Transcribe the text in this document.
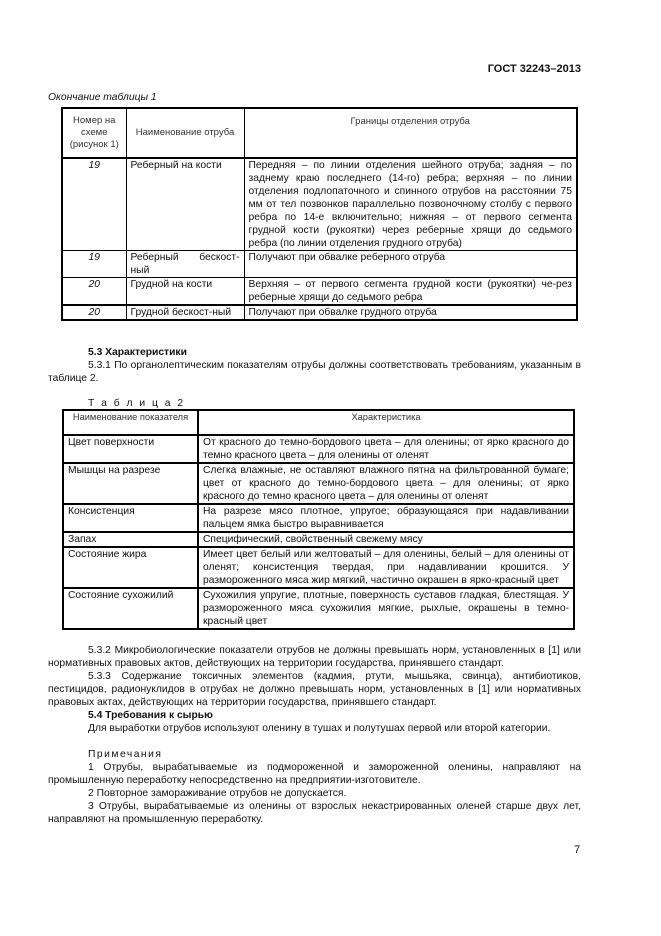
ГОСТ 32243–2013
Окончание таблицы 1
Номер на схеме (рисунок 1)	Наименование отруба	Границы отделения отруба
19	Реберный на кости	Передняя – по линии отделения шейного отруба; задняя – по заднему краю последнего (14-го) ребра; верхняя – по линии отделения подлопаточного и спинного отрубов на расстоянии 75 мм от тел позвонков параллельно позвоночному столбу с первого ребра по 14-е включительно; нижняя – от первого сегмента грудной кости (рукоятки) через реберные хрящи до седьмого ребра (по линии отделения грудного отруба)
19	Реберный бескост-ный	Получают при обвалке реберного отруба
20	Грудной на кости	Верхняя – от первого сегмента грудной кости (рукоятки) че-рез реберные хрящи до седьмого ребра
20	Грудной бескост-ный	Получают при обвалке грудного отруба
5.3 Характеристики
5.3.1 По органолептическим показателям отрубы должны соответствовать требованиям, указанным в таблице 2.
Т а б л и ц а 2
Наименование показателя	Характеристика
Цвет поверхности	От красного до темно-бордового цвета – для оленины; от ярко красного до темно красного цвета – для оленины от оленят
Мышцы на разрезе	Слегка влажные, не оставляют влажного пятна на фильтрованной бумаге; цвет от красного до темно-бордового цвета – для оленины; от ярко красного до темно красного цвета – для оленины от оленят
Консистенция	На разрезе мясо плотное, упругое; образующаяся при надавливании пальцем ямка быстро выравнивается
Запах	Специфический, свойственный свежему мясу
Состояние жира	Имеет цвет белый или желтоватый – для оленины, белый – для оленины от оленят; консистенция твердая, при надавливании крошится. У размороженного мяса жир мягкий, частично окрашен в ярко-красный цвет
Состояние сухожилий	Сухожилия упругие, плотные, поверхность суставов гладкая, блестящая. У размороженного мяса сухожилия мягкие, рыхлые, окрашены в темно-красный цвет
5.3.2 Микробиологические показатели отрубов не должны превышать норм, установленных в [1] или нормативных правовых актов, действующих на территории государства, принявшего стандарт.
5.3.3 Содержание токсичных элементов (кадмия, ртути, мышьяка, свинца), антибиотиков, пестицидов, радионуклидов в отрубах не должно превышать норм, установленных в [1] или нормативных правовых актах, действующих на территории государства, принявшего стандарт.
5.4 Требования к сырью
Для выработки отрубов используют оленину в тушах и полутушах первой или второй категории.
Примечания
1 Отрубы, вырабатываемые из подмороженной и замороженной оленины, направляют на промышленную переработку непосредственно на предприятии-изготовителе.
2 Повторное замораживание отрубов не допускается.
3 Отрубы, вырабатываемые из оленины от взрослых некастрированных оленей старше двух лет, направляют на промышленную переработку.
7
